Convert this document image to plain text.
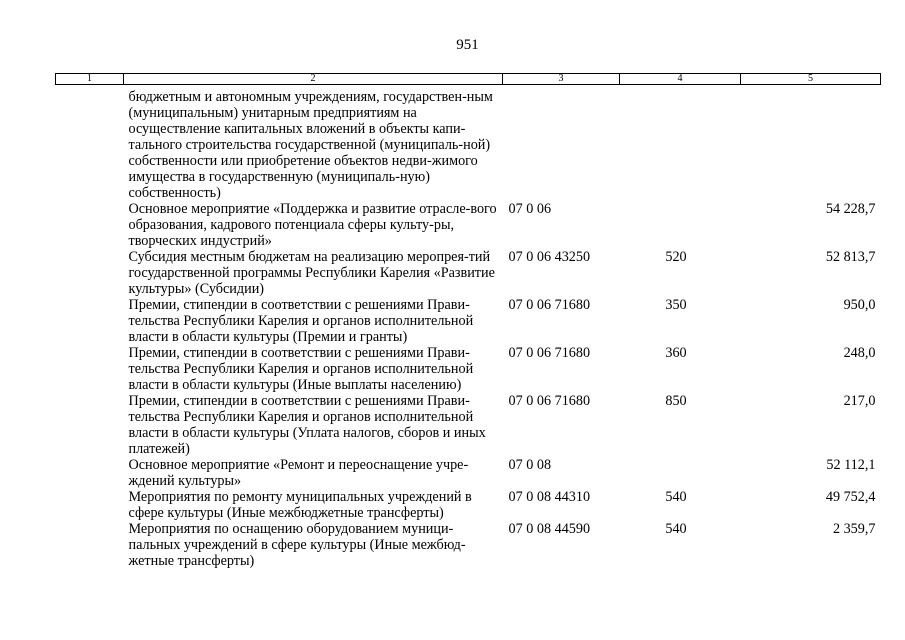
951
1	2	3	4	5
	бюджетным и автономным учреждениям, государствен-ным (муниципальным) унитарным предприятиям на осуществление капитальных вложений в объекты капи-тального строительства государственной (муниципаль-ной) собственности или приобретение объектов недви-жимого имущества в государственную (муниципаль-ную) собственность)			
	Основное мероприятие «Поддержка и развитие отрасле-вого образования, кадрового потенциала сферы культу-ры, творческих индустрий»	07 0 06		54 228,7
	Субсидия местным бюджетам на реализацию меропрея-тий государственной программы Республики Карелия «Развитие культуры» (Субсидии)	07 0 06 43250	520	52 813,7
	Премии, стипендии в соответствии с решениями Прави-тельства Республики Карелия и органов исполнительной власти в области культуры (Премии и гранты)	07 0 06 71680	350	950,0
	Премии, стипендии в соответствии с решениями Прави-тельства Республики Карелия и органов исполнительной власти в области культуры (Иные выплаты населению)	07 0 06 71680	360	248,0
	Премии, стипендии в соответствии с решениями Прави-тельства Республики Карелия и органов исполнительной власти в области культуры (Уплата налогов, сборов и иных платежей)	07 0 06 71680	850	217,0
	Основное мероприятие «Ремонт и переоснащение учре-ждений культуры»	07 0 08		52 112,1
	Мероприятия по ремонту муниципальных учреждений в сфере культуры (Иные межбюджетные трансферты)	07 0 08 44310	540	49 752,4
	Мероприятия по оснащению оборудованием муници-пальных учреждений в сфере культуры (Иные межбюд-жетные трансферты)	07 0 08 44590	540	2 359,7
